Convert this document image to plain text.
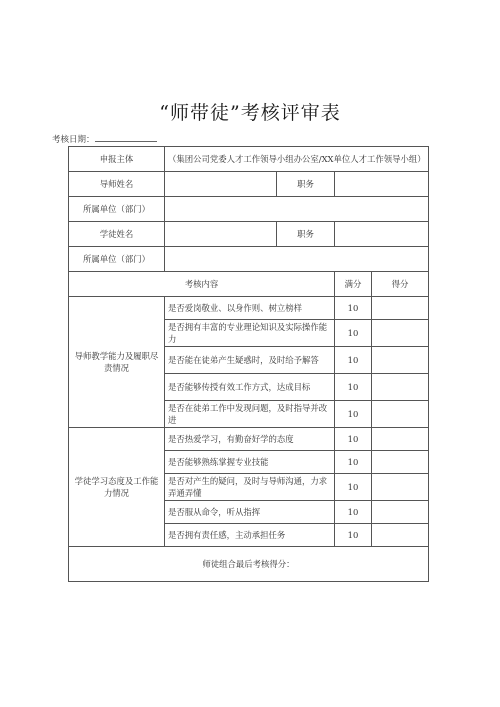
“师带徒”考核评审表
考核日期：
申报主体	（集团公司党委人才工作领导小组办公室/XX单位人才工作领导小组）			
导师姓名		职务		
所属单位（部门）				
学徒姓名		职务		
所属单位（部门）				
考核内容			满分	得分
导师教学能力及履职尽责情况	是否爱岗敬业、以身作则、树立榜样		10	
	是否拥有丰富的专业理论知识及实际操作能力		10	
	是否能在徒弟产生疑惑时，及时给予解答		10	
	是否能够传授有效工作方式，达成目标		10	
	是否在徒弟工作中发现问题，及时指导并改进		10	
学徒学习态度及工作能力情况	是否热爱学习，有勤奋好学的态度		10	
	是否能够熟练掌握专业技能		10	
	是否对产生的疑问，及时与导师沟通，力求弄通弄懂		10	
	是否服从命令，听从指挥		10	
	是否拥有责任感，主动承担任务		10	
师徒组合最后考核得分：				
